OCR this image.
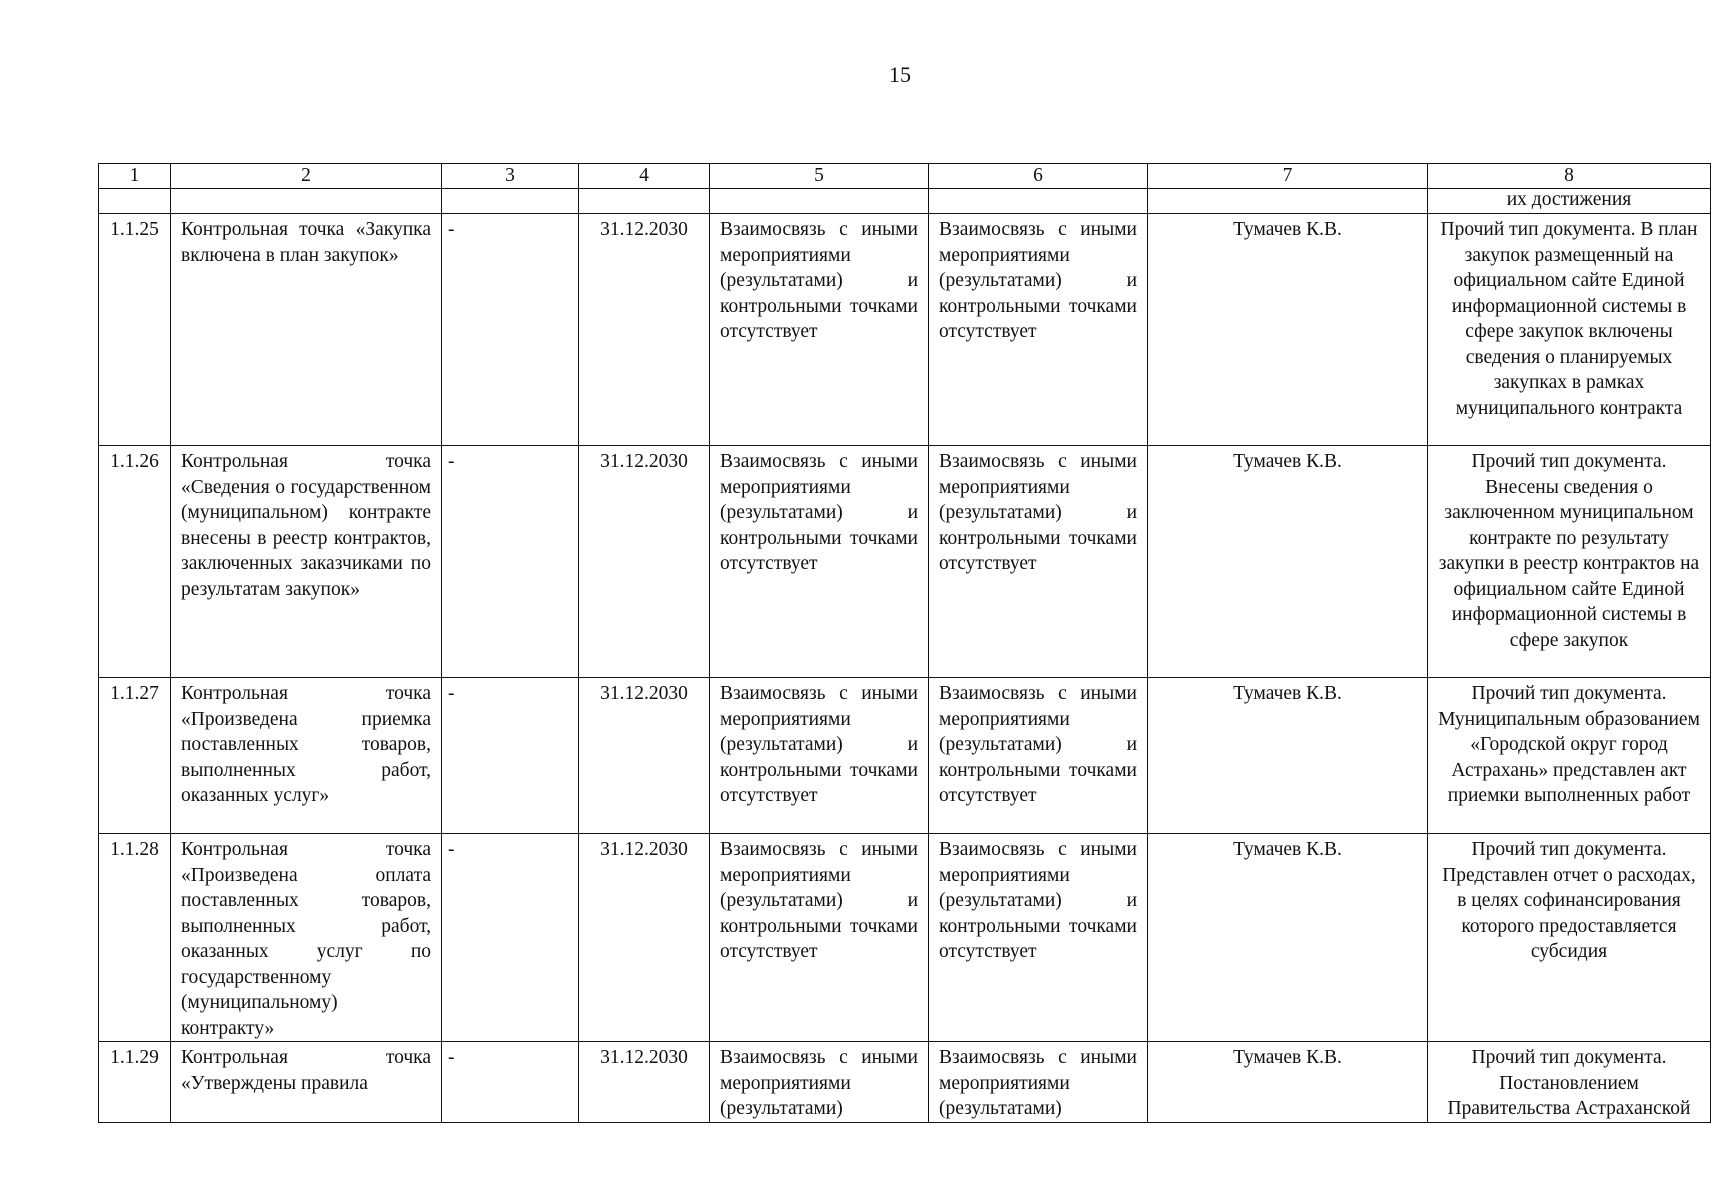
15
1	2	3	4	5	6	7	8
							их достижения
1.1.25	Контрольная точка «Закупка включена в план закупок»	-	31.12.2030	Взаимосвязь с иными мероприятиями (результатами) и контрольными точками отсутствует	Взаимосвязь с иными мероприятиями (результатами) и контрольными точками отсутствует	Тумачев К.В.	Прочий тип документа. В план закупок размещенный на официальном сайте Единой информационной системы в сфере закупок включены сведения о планируемых закупках в рамках муниципального контракта
1.1.26	Контрольная точка «Сведения о государственном (муниципальном) контракте внесены в реестр контрактов, заключенных заказчиками по результатам закупок»	-	31.12.2030	Взаимосвязь с иными мероприятиями (результатами) и контрольными точками отсутствует	Взаимосвязь с иными мероприятиями (результатами) и контрольными точками отсутствует	Тумачев К.В.	Прочий тип документа. Внесены сведения о заключенном муниципальном контракте по результату закупки в реестр контрактов на официальном сайте Единой информационной системы в сфере закупок
1.1.27	Контрольная точка «Произведена приемка поставленных товаров, выполненных работ, оказанных услуг»	-	31.12.2030	Взаимосвязь с иными мероприятиями (результатами) и контрольными точками отсутствует	Взаимосвязь с иными мероприятиями (результатами) и контрольными точками отсутствует	Тумачев К.В.	Прочий тип документа. Муниципальным образованием «Городской округ город Астрахань» представлен акт приемки выполненных работ
1.1.28	Контрольная точка «Произведена оплата поставленных товаров, выполненных работ, оказанных услуг по государственному (муниципальному) контракту»	-	31.12.2030	Взаимосвязь с иными мероприятиями (результатами) и контрольными точками отсутствует	Взаимосвязь с иными мероприятиями (результатами) и контрольными точками отсутствует	Тумачев К.В.	Прочий тип документа. Представлен отчет о расходах, в целях софинансирования которого предоставляется субсидия
1.1.29	Контрольная точка «Утверждены правила	-	31.12.2030	Взаимосвязь с иными мероприятиями (результатами)	Взаимосвязь с иными мероприятиями (результатами)	Тумачев К.В.	Прочий тип документа. Постановлением Правительства Астраханской
